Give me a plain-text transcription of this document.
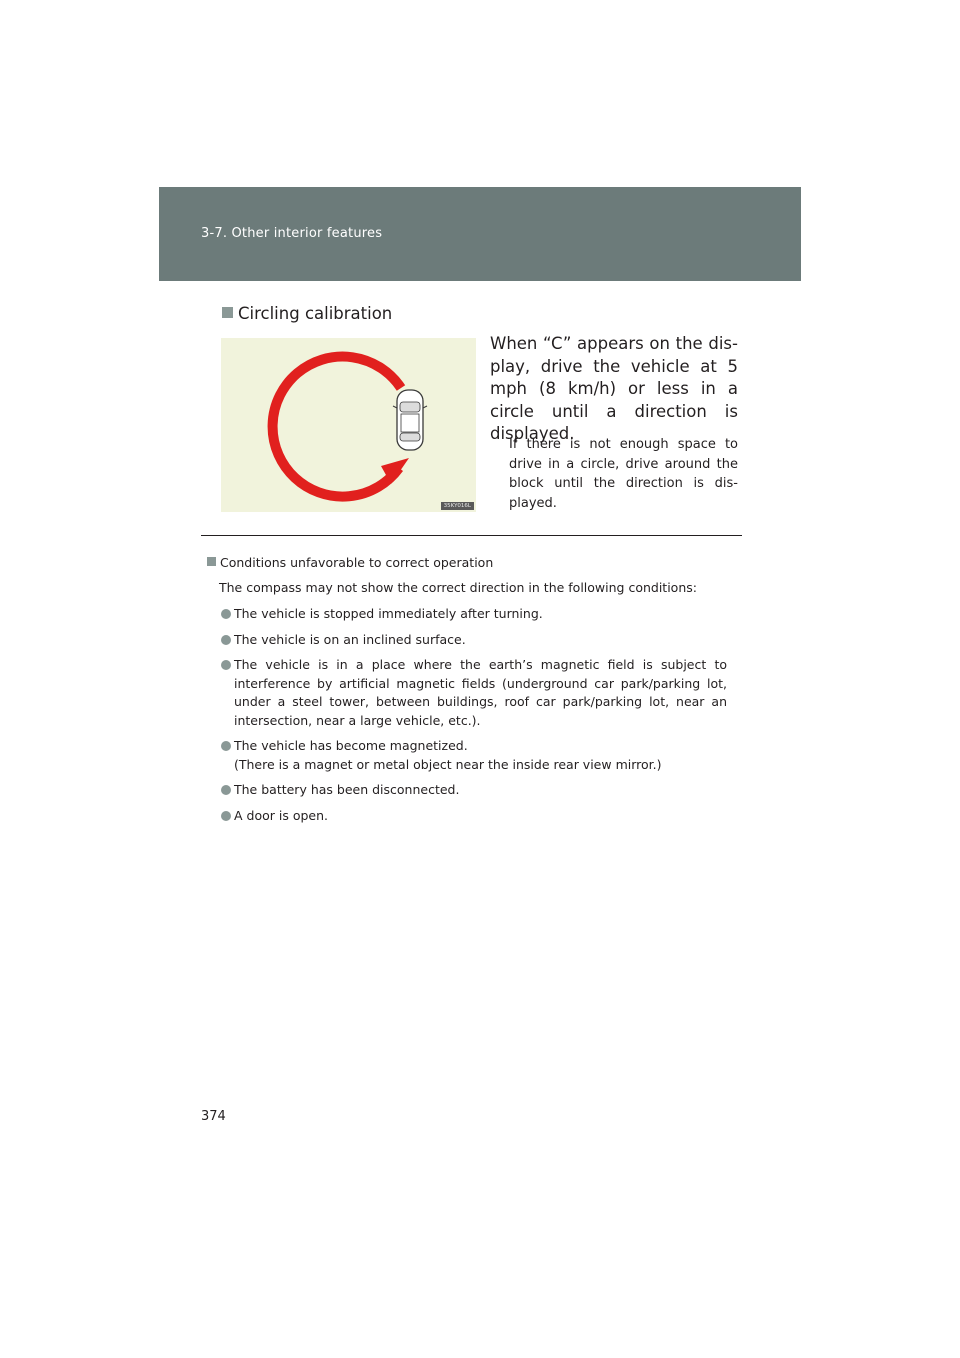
3-7. Other interior features
Circling calibration
35KY016L
When “C” appears on the display, drive the vehicle at 5 mph (8 km/h) or less in a circle until a direction is displayed.
If there is not enough space to drive in a circle, drive around the block until the direction is displayed.
Conditions unfavorable to correct operation
The compass may not show the correct direction in the following conditions:
The vehicle is stopped immediately after turning.
The vehicle is on an inclined surface.
The vehicle is in a place where the earth’s magnetic field is subject to interference by artificial magnetic fields (underground car park/parking lot, under a steel tower, between buildings, roof car park/parking lot, near an intersection, near a large vehicle, etc.).
The vehicle has become magnetized.
(There is a magnet or metal object near the inside rear view mirror.)
The battery has been disconnected.
A door is open.
374
